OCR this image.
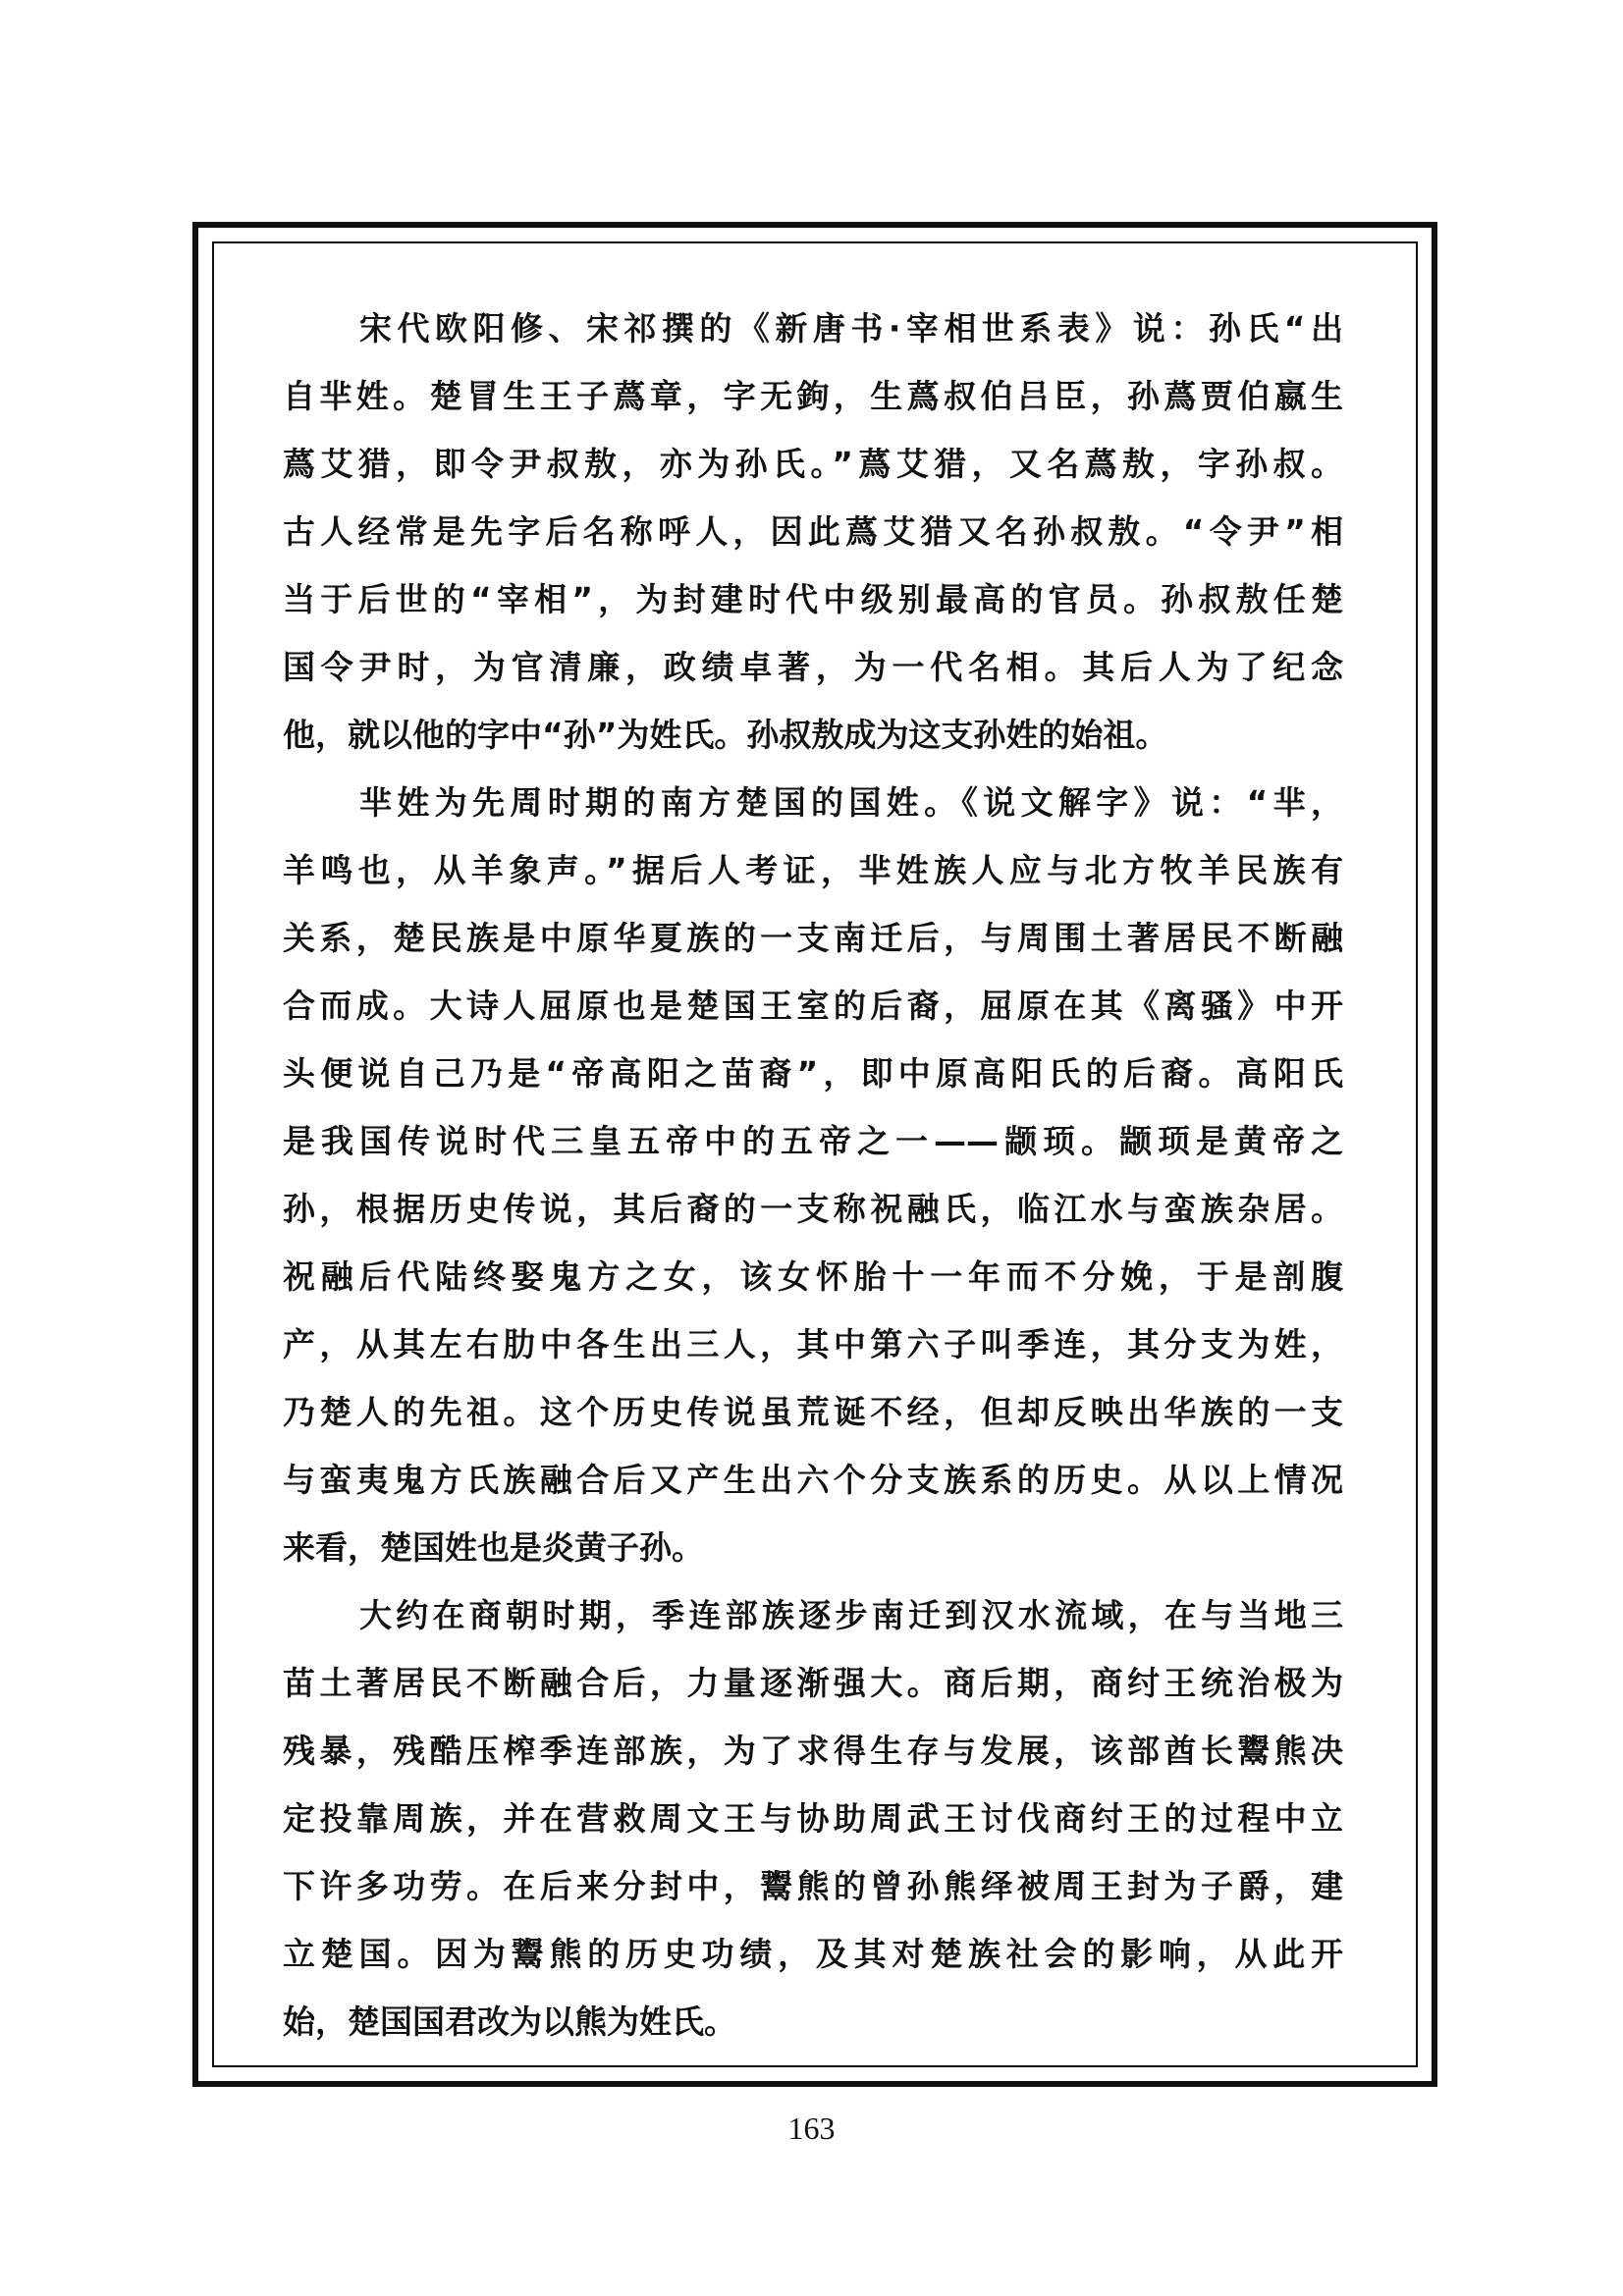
宋代欧阳修、宋祁撰的《新唐书·宰相世系表》说：孙氏“出
自芈姓。楚冒生王子蔿章，字无鉤，生蔿叔伯吕臣，孙蔿贾伯嬴生
蔿艾猎，即令尹叔敖，亦为孙氏。”蔿艾猎，又名蔿敖，字孙叔。
古人经常是先字后名称呼人，因此蔿艾猎又名孙叔敖。“令尹”相
当于后世的“宰相”，为封建时代中级别最高的官员。孙叔敖任楚
国令尹时，为官清廉，政绩卓著，为一代名相。其后人为了纪念
他，就以他的字中“孙”为姓氏。孙叔敖成为这支孙姓的始祖。
芈姓为先周时期的南方楚国的国姓。《说文解字》说：“芈，
羊鸣也，从羊象声。”据后人考证，芈姓族人应与北方牧羊民族有
关系，楚民族是中原华夏族的一支南迁后，与周围土著居民不断融
合而成。大诗人屈原也是楚国王室的后裔，屈原在其《离骚》中开
头便说自己乃是“帝高阳之苗裔”，即中原高阳氏的后裔。高阳氏
是我国传说时代三皇五帝中的五帝之一——颛顼。颛顼是黄帝之
孙，根据历史传说，其后裔的一支称祝融氏，临江水与蛮族杂居。
祝融后代陆终娶鬼方之女，该女怀胎十一年而不分娩，于是剖腹
产，从其左右肋中各生出三人，其中第六子叫季连，其分支为姓，
乃楚人的先祖。这个历史传说虽荒诞不经，但却反映出华族的一支
与蛮夷鬼方氏族融合后又产生出六个分支族系的历史。从以上情况
来看，楚国姓也是炎黄子孙。
大约在商朝时期，季连部族逐步南迁到汉水流域，在与当地三
苗土著居民不断融合后，力量逐渐强大。商后期，商纣王统治极为
残暴，残酷压榨季连部族，为了求得生存与发展，该部酋长鬻熊决
定投靠周族，并在营救周文王与协助周武王讨伐商纣王的过程中立
下许多功劳。在后来分封中，鬻熊的曾孙熊绎被周王封为子爵，建
立楚国。因为鬻熊的历史功绩，及其对楚族社会的影响，从此开
始，楚国国君改为以熊为姓氏。
163
